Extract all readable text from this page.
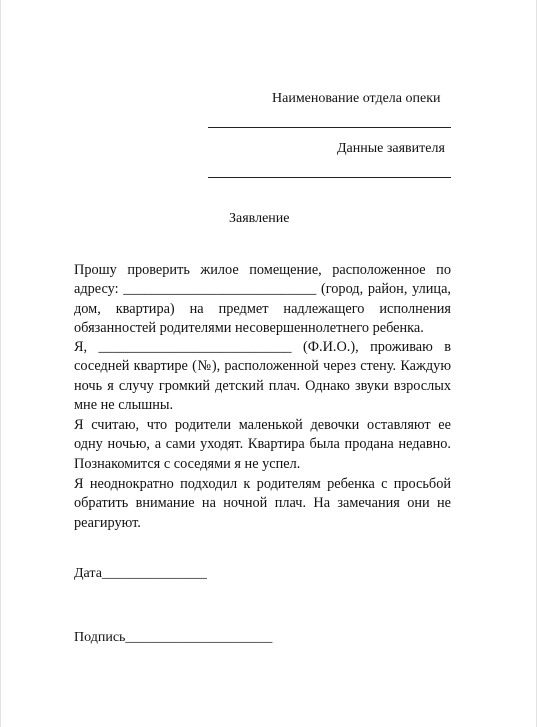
Наименование отдела опеки
Данные заявителя
Заявление

Прошу проверить жилое помещение, расположенное по адресу: ___________________________ (город, район, улица, дом, квартира) на предмет надлежащего исполнения обязанностей родителями несовершеннолетнего ребенка.

Я, ___________________________ (Ф.И.О.), проживаю в соседней квартире (№), расположенной через стену. Каждую ночь я случу громкий детский плач. Однако звуки взрослых мне не слышны.

Я считаю, что родители маленькой девочки оставляют ее одну ночью, а сами уходят. Квартира была продана недавно. Познакомится с соседями я не успел.

Я неоднократно подходил к родителям ребенка с просьбой обратить внимание на ночной плач. На замечания они не реагируют.

Дата_______________
Подпись_____________________
